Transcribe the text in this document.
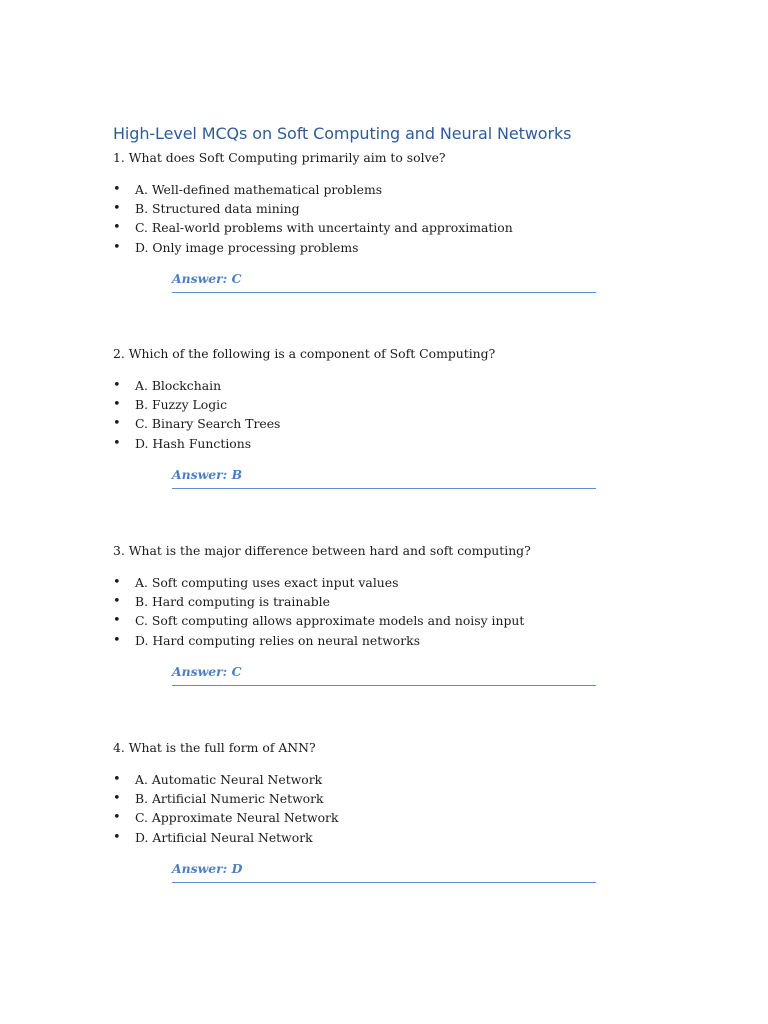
High-Level MCQs on Soft Computing and Neural Networks

1. What does Soft Computing primarily aim to solve?

• A. Well-defined mathematical problems
• B. Structured data mining
• C. Real-world problems with uncertainty and approximation
• D. Only image processing problems
Answer: C

2. Which of the following is a component of Soft Computing?

• A. Blockchain
• B. Fuzzy Logic
• C. Binary Search Trees
• D. Hash Functions
Answer: B

3. What is the major difference between hard and soft computing?

• A. Soft computing uses exact input values
• B. Hard computing is trainable
• C. Soft computing allows approximate models and noisy input
• D. Hard computing relies on neural networks
Answer: C

4. What is the full form of ANN?

• A. Automatic Neural Network
• B. Artificial Numeric Network
• C. Approximate Neural Network
• D. Artificial Neural Network
Answer: D
